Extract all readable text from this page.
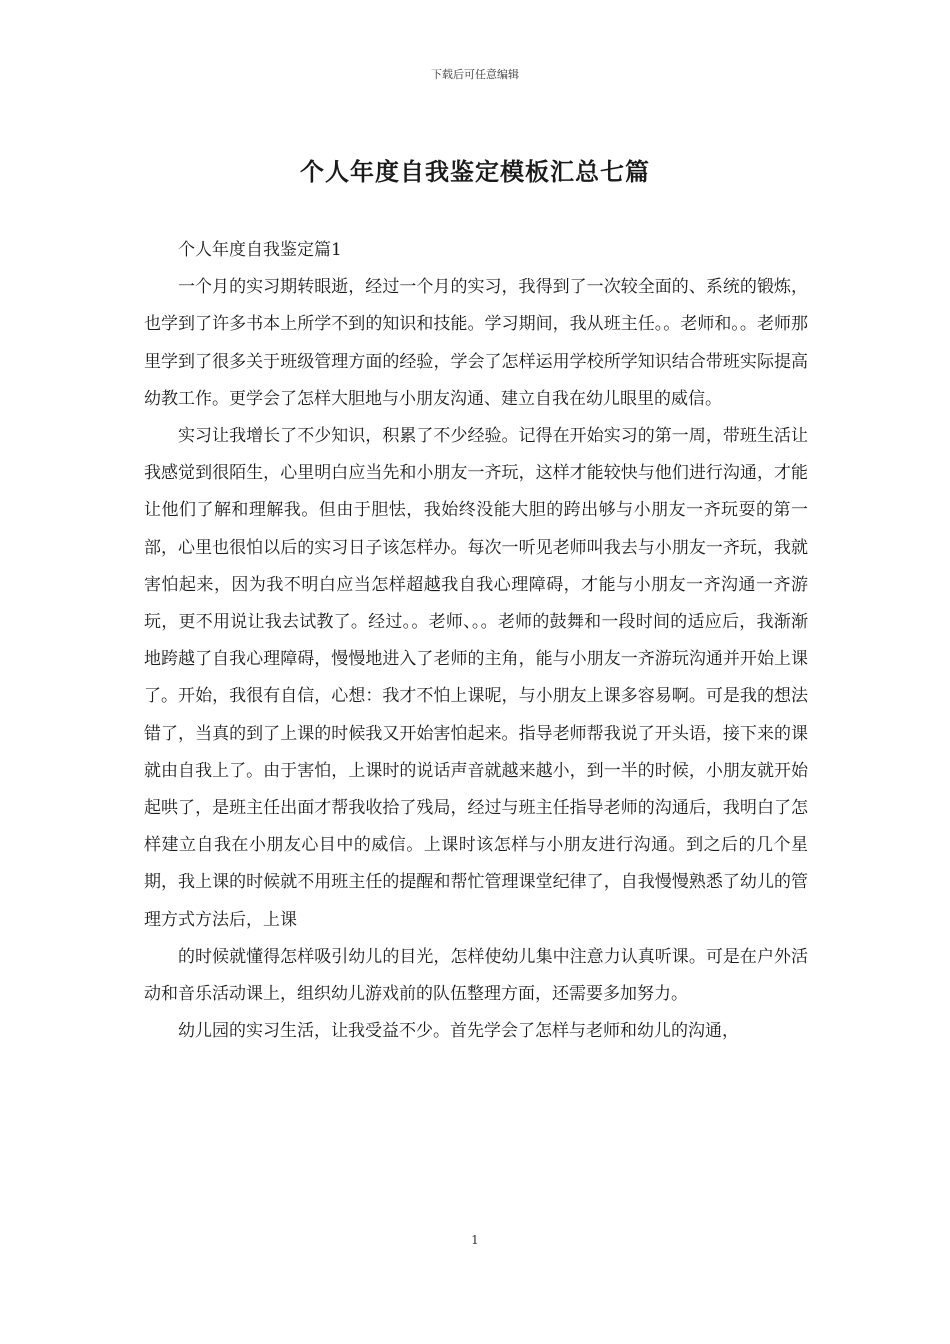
下载后可任意编辑
个人年度自我鉴定模板汇总七篇

个人年度自我鉴定篇1

一个月的实习期转眼逝，经过一个月的实习，我得到了一次较全面的、系统的锻炼，也学到了许多书本上所学不到的知识和技能。学习期间，我从班主任。。老师和。。老师那里学到了很多关于班级管理方面的经验，学会了怎样运用学校所学知识结合带班实际提高幼教工作。更学会了怎样大胆地与小朋友沟通、建立自我在幼儿眼里的威信。

实习让我增长了不少知识，积累了不少经验。记得在开始实习的第一周，带班生活让我感觉到很陌生，心里明白应当先和小朋友一齐玩，这样才能较快与他们进行沟通，才能让他们了解和理解我。但由于胆怯，我始终没能大胆的跨出够与小朋友一齐玩耍的第一部，心里也很怕以后的实习日子该怎样办。每次一听见老师叫我去与小朋友一齐玩，我就害怕起来，因为我不明白应当怎样超越我自我心理障碍，才能与小朋友一齐沟通一齐游玩，更不用说让我去试教了。经过。。老师、。。老师的鼓舞和一段时间的适应后，我渐渐地跨越了自我心理障碍，慢慢地进入了老师的主角，能与小朋友一齐游玩沟通并开始上课了。开始，我很有自信，心想：我才不怕上课呢，与小朋友上课多容易啊。可是我的想法错了，当真的到了上课的时候我又开始害怕起来。指导老师帮我说了开头语，接下来的课就由自我上了。由于害怕，上课时的说话声音就越来越小，到一半的时候，小朋友就开始起哄了，是班主任出面才帮我收拾了残局，经过与班主任指导老师的沟通后，我明白了怎样建立自我在小朋友心目中的威信。上课时该怎样与小朋友进行沟通。到之后的几个星期，我上课的时候就不用班主任的提醒和帮忙管理课堂纪律了，自我慢慢熟悉了幼儿的管理方式方法后，上课

的时候就懂得怎样吸引幼儿的目光，怎样使幼儿集中注意力认真听课。可是在户外活动和音乐活动课上，组织幼儿游戏前的队伍整理方面，还需要多加努力。

幼儿园的实习生活，让我受益不少。首先学会了怎样与老师和幼儿的沟通，

1
